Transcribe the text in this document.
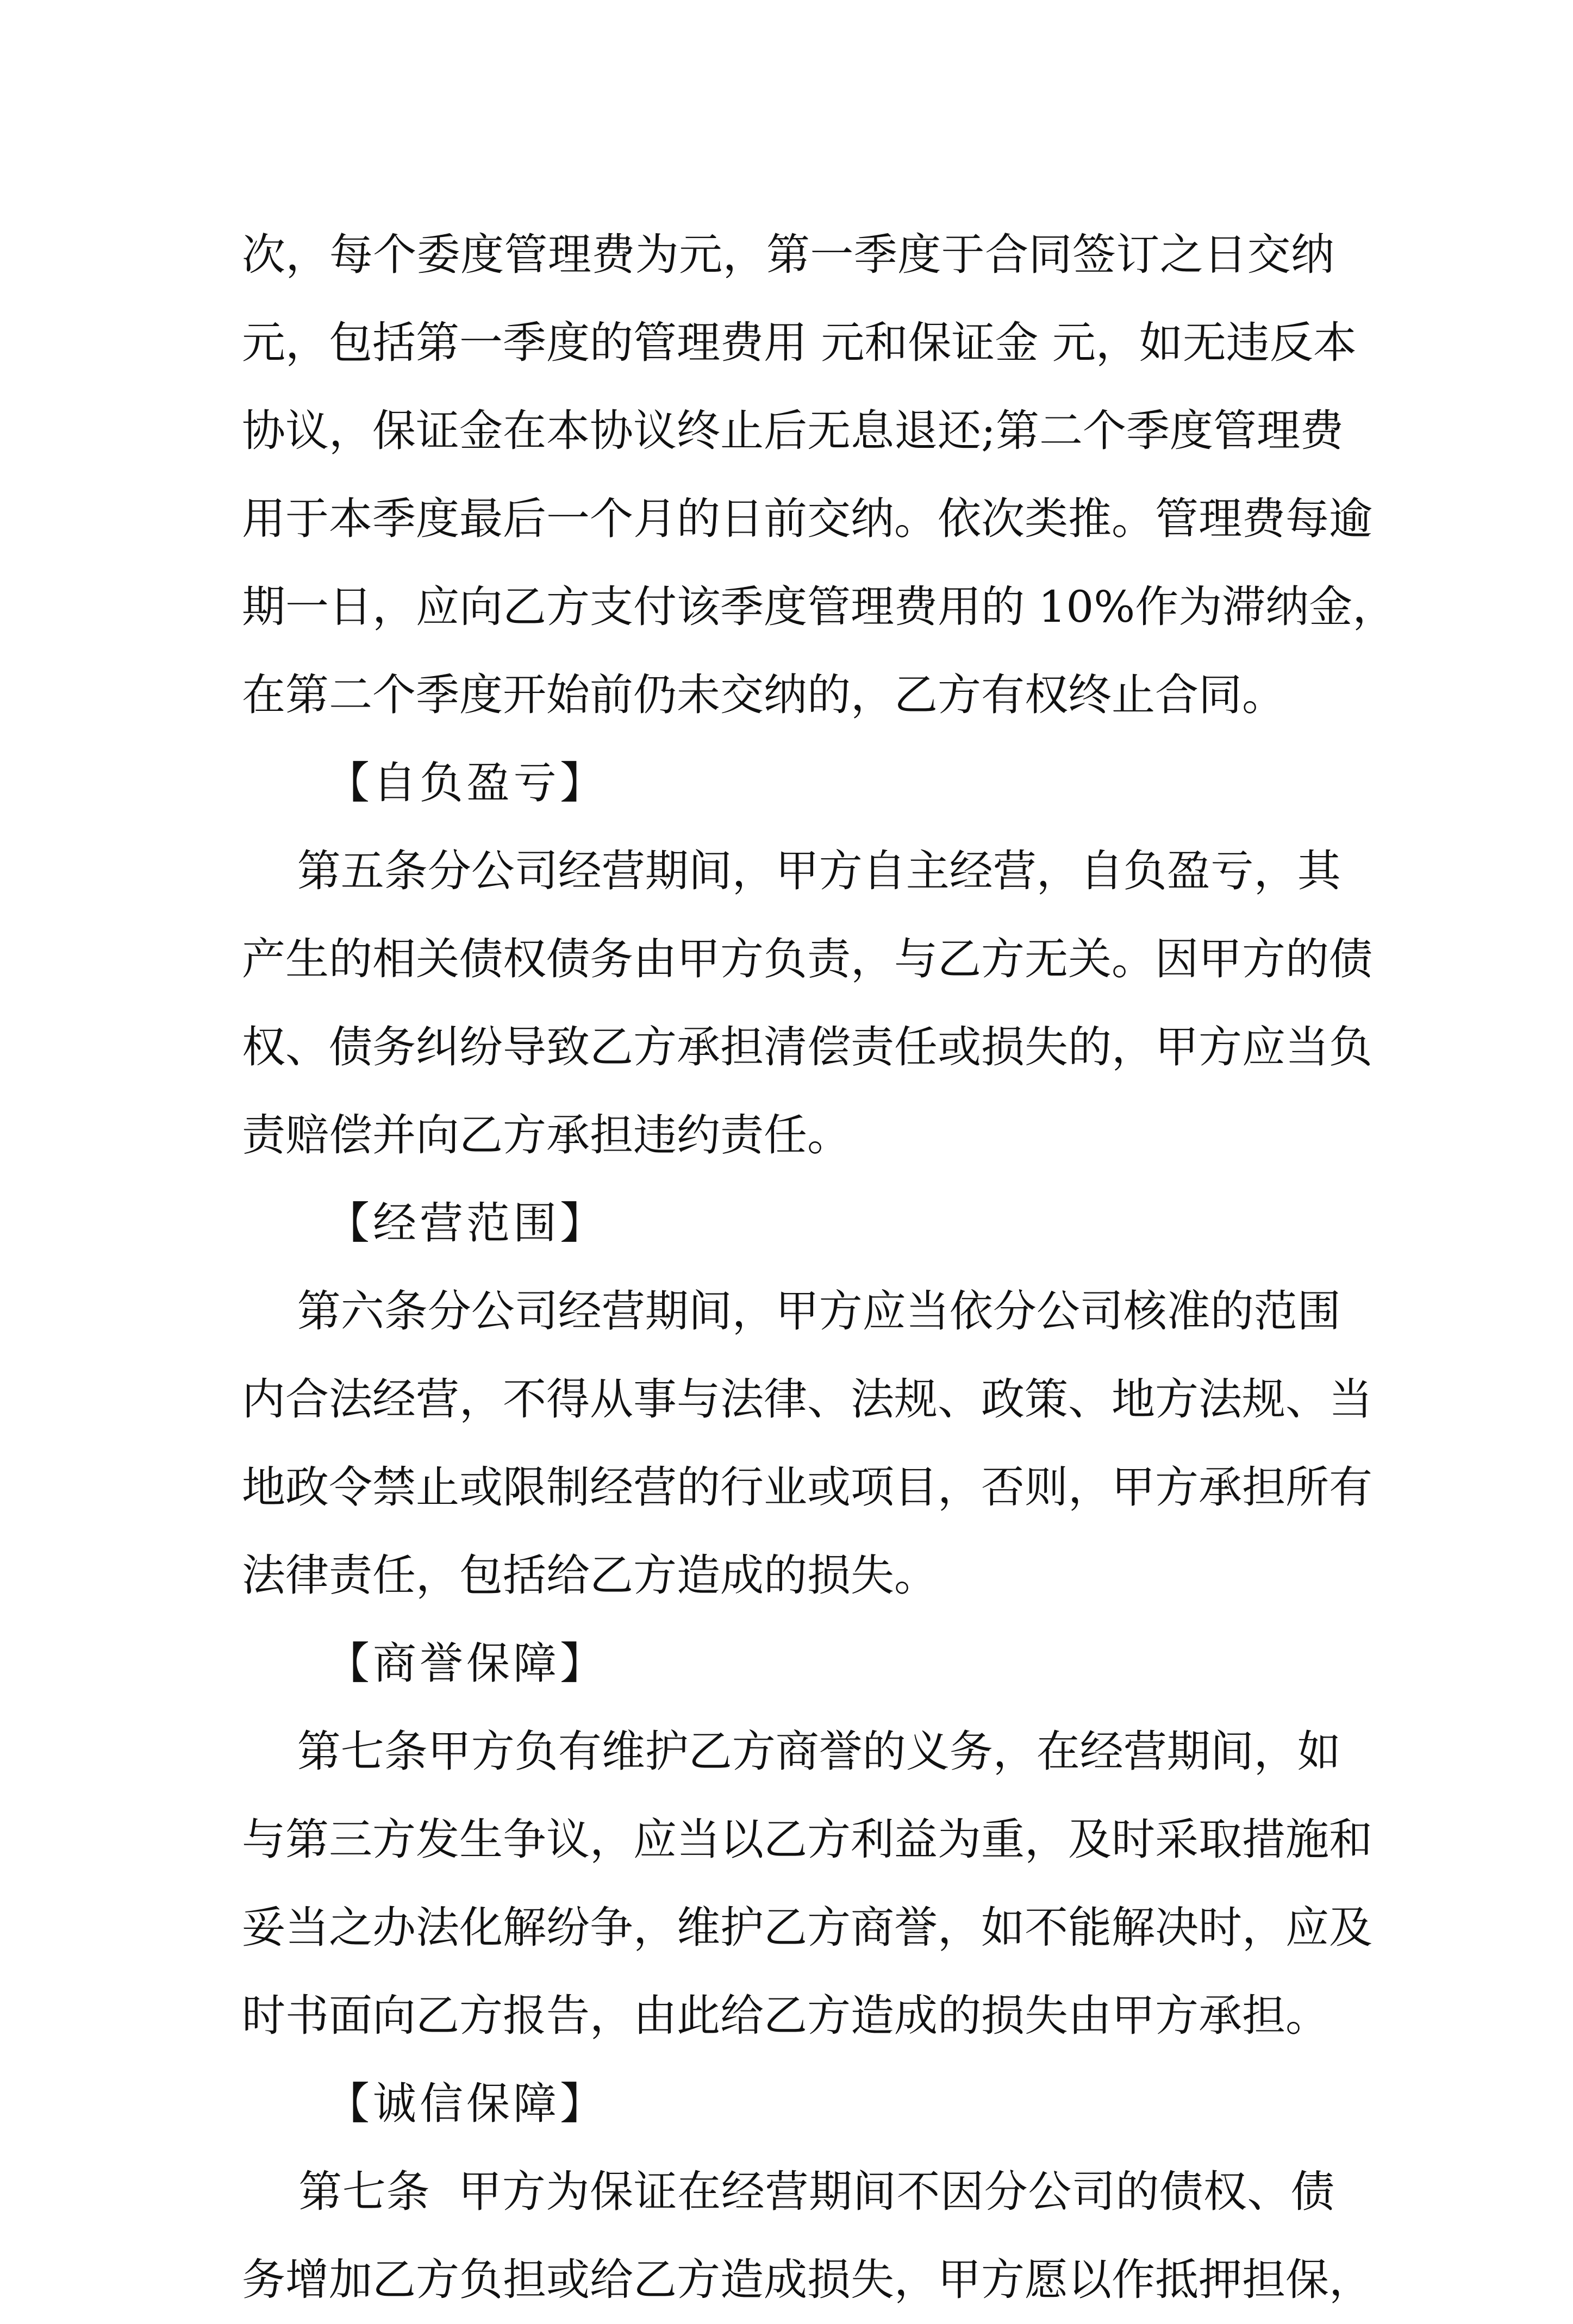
次，每个委度管理费为元，第一季度于合同签订之日交纳
元，包括第一季度的管理费用 元和保证金 元，如无违反本
协议，保证金在本协议终止后无息退还;第二个季度管理费
用于本季度最后一个月的日前交纳。依次类推。管理费每逾
期一日，应向乙方支付该季度管理费用的 10%作为滞纳金，
在第二个季度开始前仍未交纳的，乙方有权终止合同。
【自负盈亏】
第五条分公司经营期间，甲方自主经营，自负盈亏，其
产生的相关债权债务由甲方负责，与乙方无关。因甲方的债
权、债务纠纷导致乙方承担清偿责任或损失的，甲方应当负
责赔偿并向乙方承担违约责任。
【经营范围】
第六条分公司经营期间，甲方应当依分公司核准的范围
内合法经营，不得从事与法律、法规、政策、地方法规、当
地政令禁止或限制经营的行业或项目，否则，甲方承担所有
法律责任，包括给乙方造成的损失。
【商誉保障】
第七条甲方负有维护乙方商誉的义务，在经营期间，如
与第三方发生争议，应当以乙方利益为重，及时采取措施和
妥当之办法化解纷争，维护乙方商誉，如不能解决时，应及
时书面向乙方报告，由此给乙方造成的损失由甲方承担。
【诚信保障】
第七条  甲方为保证在经营期间不因分公司的债权、债
务增加乙方负担或给乙方造成损失，甲方愿以作抵押担保，
